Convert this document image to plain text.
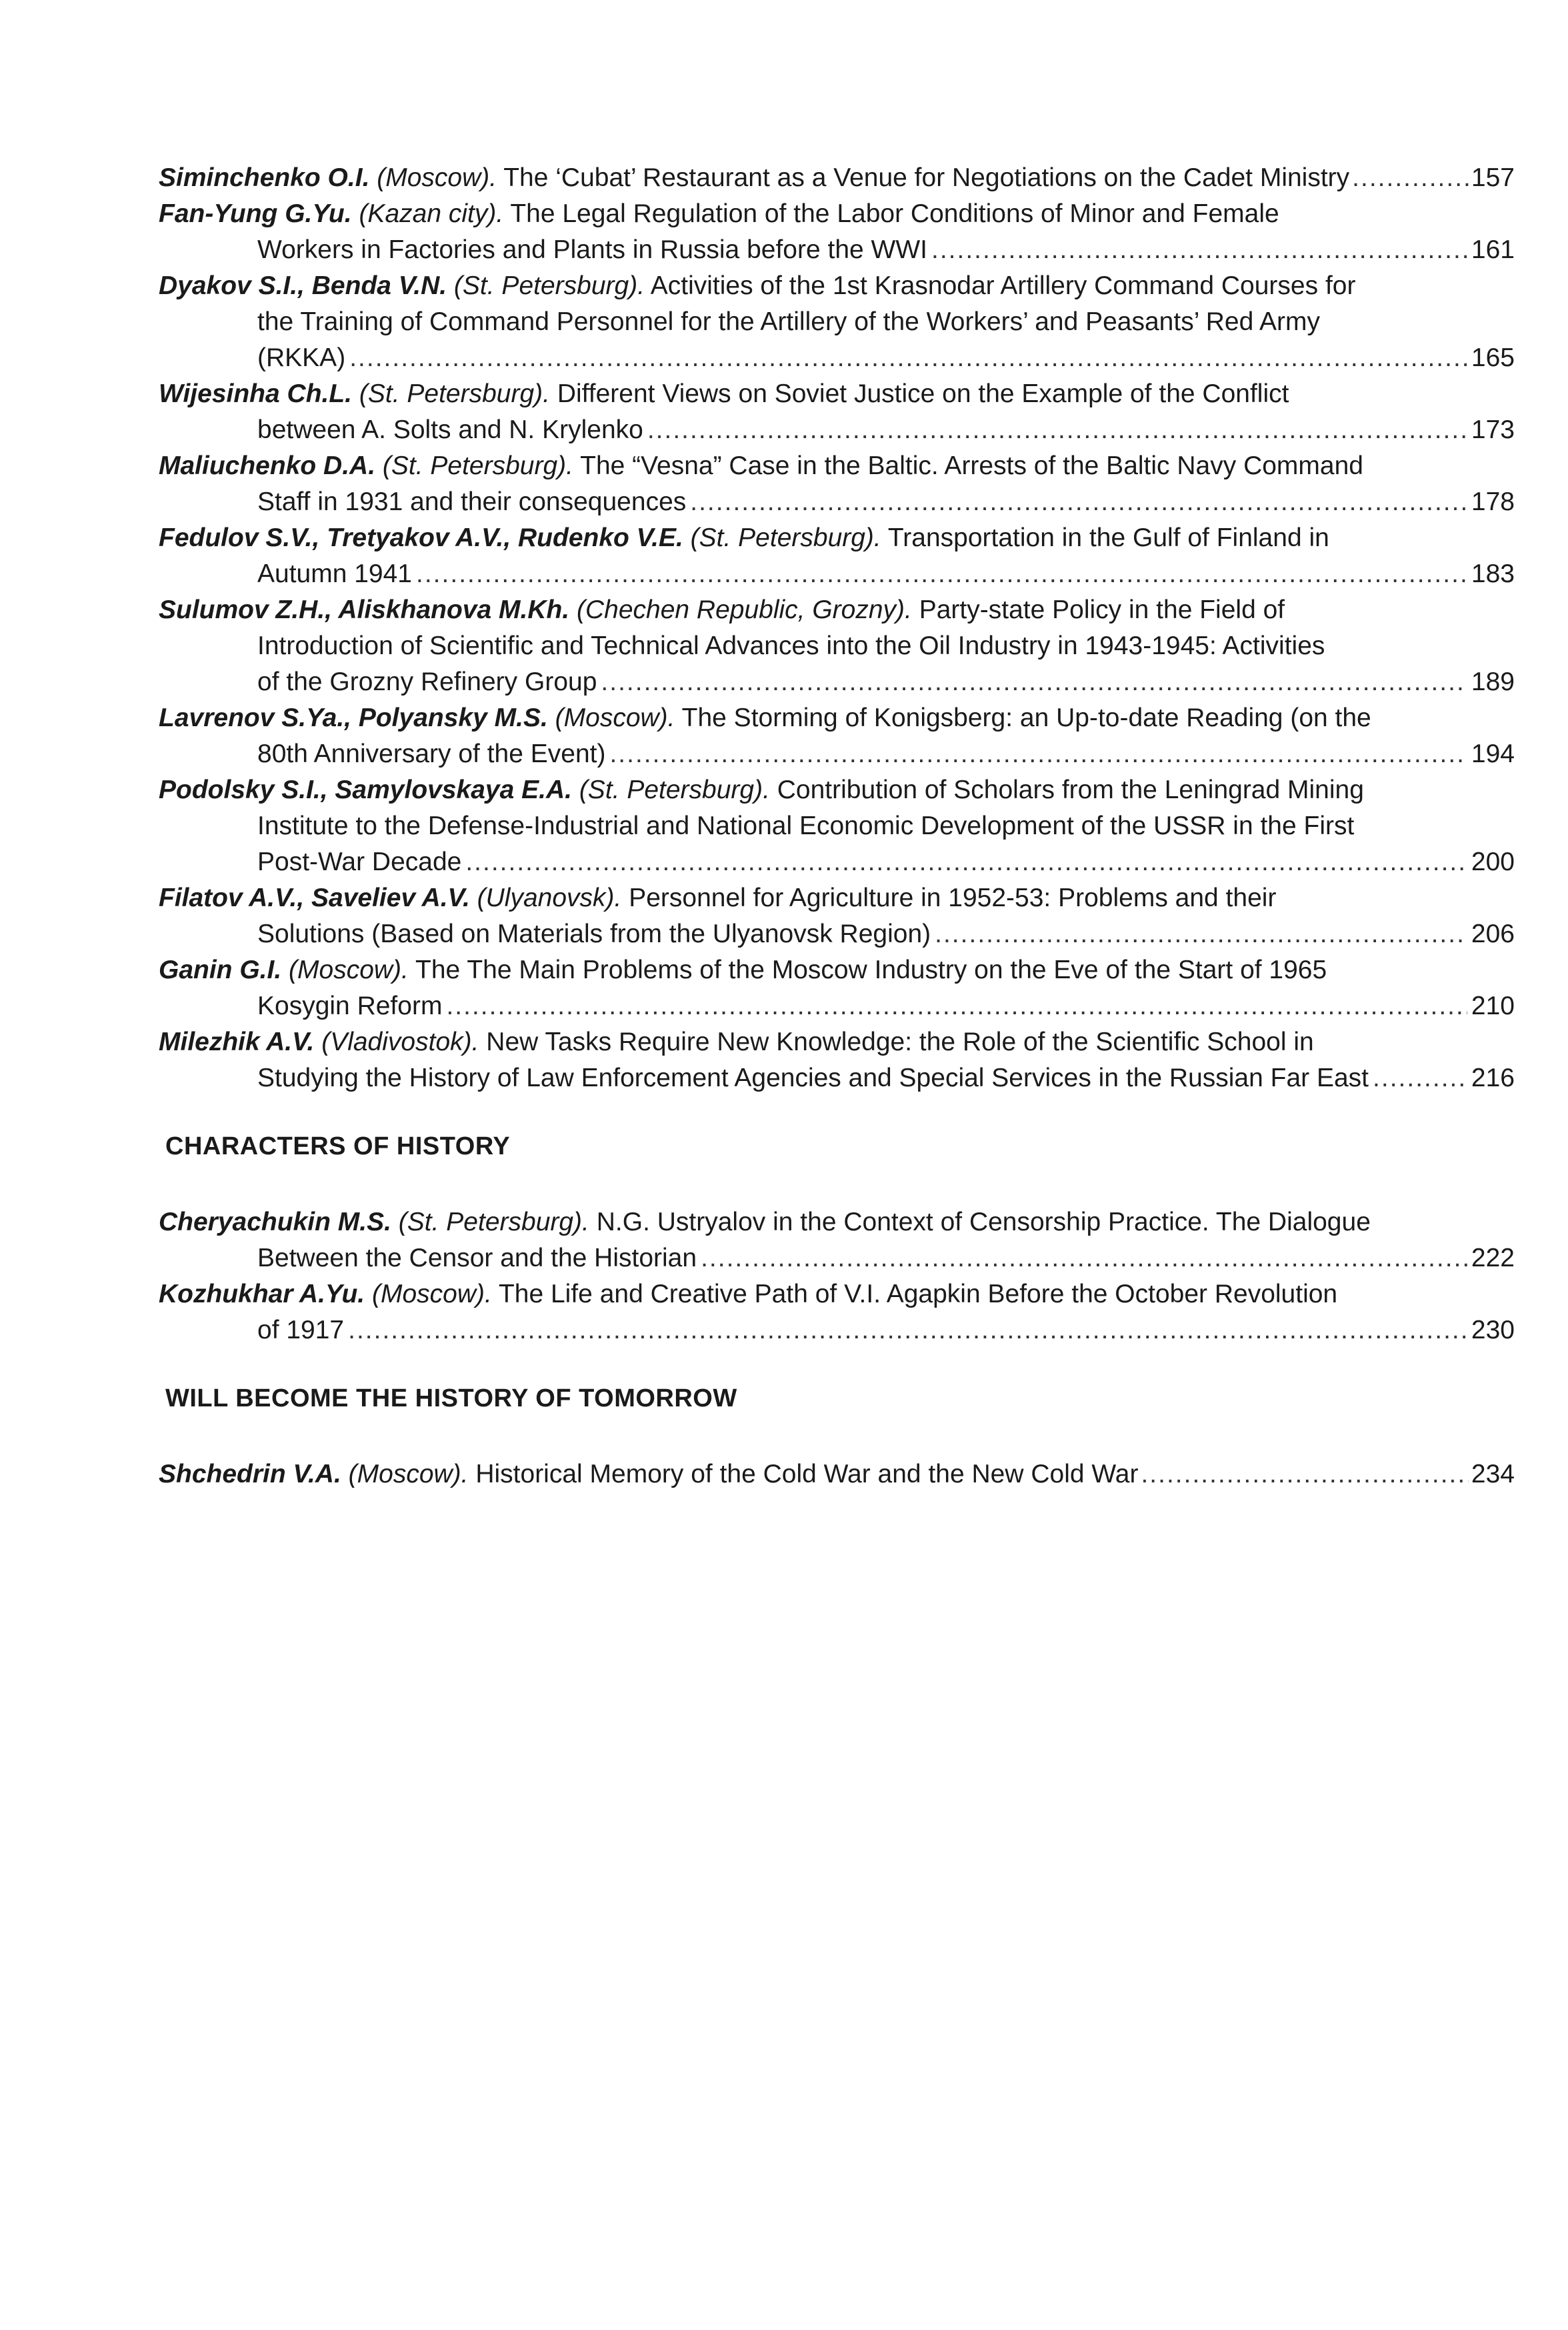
Siminchenko O.I. (Moscow). The ‘Cubat’ Restaurant as a Venue for Negotiations on the Cadet Ministry .....	157
Fan-Yung G.Yu. (Kazan city). The Legal Regulation of the Labor Conditions of Minor and Female
Workers in Factories and Plants in Russia before the WWI .....	161
Dyakov S.I., Benda V.N. (St. Petersburg). Activities of the 1st Krasnodar Artillery Command Courses for
the Training of Command Personnel for the Artillery of the Workers’ and Peasants’ Red Army
(RKKA) .....	165
Wijesinha Ch.L. (St. Petersburg). Different Views on Soviet Justice on the Example of the Conflict
between A. Solts and N. Krylenko .....	173
Maliuchenko D.A. (St. Petersburg). The “Vesna” Case in the Baltic. Arrests of the Baltic Navy Command
Staff in 1931 and their consequences .....	178
Fedulov S.V., Tretyakov A.V., Rudenko V.E. (St. Petersburg). Transportation in the Gulf of Finland in
Autumn 1941 .....	183
Sulumov Z.H., Aliskhanova M.Kh. (Chechen Republic, Grozny). Party-state Policy in the Field of
Introduction of Scientific and Technical Advances into the Oil Industry in 1943-1945: Activities
of the Grozny Refinery Group .....	189
Lavrenov S.Ya., Polyansky M.S. (Moscow). The Storming of Konigsberg: an Up-to-date Reading (on the
80th Anniversary of the Event) .....	194
Podolsky S.I., Samylovskaya E.A. (St. Petersburg). Contribution of Scholars from the Leningrad Mining
Institute to the Defense-Industrial and National Economic Development of the USSR in the First
Post-War Decade .....	200
Filatov A.V., Saveliev A.V. (Ulyanovsk). Personnel for Agriculture in 1952-53: Problems and their
Solutions (Based on Materials from the Ulyanovsk Region) .....	206
Ganin G.I. (Moscow). The The Main Problems of the Moscow Industry on the Eve of the Start of 1965
Kosygin Reform .....	210
Milezhik A.V. (Vladivostok). New Tasks Require New Knowledge: the Role of the Scientific School in
Studying the History of Law Enforcement Agencies and Special Services in the Russian Far East .....	216
CHARACTERS OF HISTORY
Cheryachukin M.S. (St. Petersburg). N.G. Ustryalov in the Context of Censorship Practice. The Dialogue
Between the Censor and the Historian .....	222
Kozhukhar A.Yu. (Moscow). The Life and Creative Path of V.I. Agapkin Before the October Revolution
of 1917 .....	230
WILL BECOME THE HISTORY OF TOMORROW
Shchedrin V.A. (Moscow). Historical Memory of the Cold War and the New Cold War .....	234
